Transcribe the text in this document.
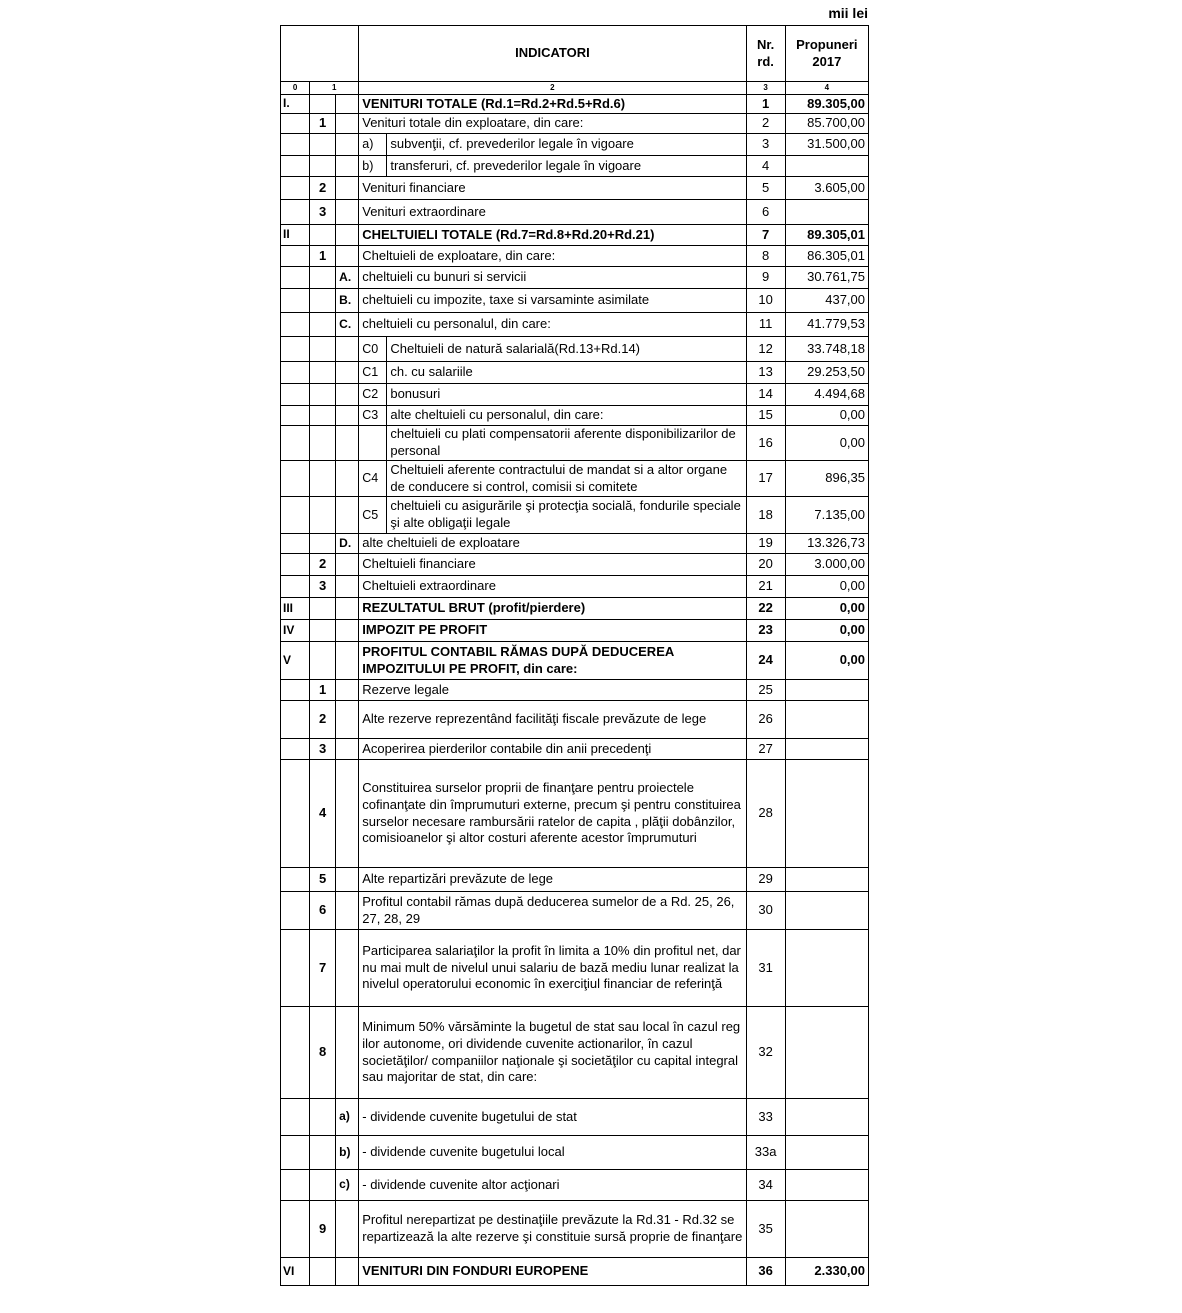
mii lei
			INDICATORI		Nr. rd.	Propuneri 2017
0	1		2		3	4
I.			VENITURI TOTALE (Rd.1=Rd.2+Rd.5+Rd.6)		1	89.305,00
	1		Venituri totale din exploatare, din care:		2	85.700,00
			a)	subvenţii, cf. prevederilor legale în vigoare	3	31.500,00
			b)	transferuri, cf. prevederilor legale în vigoare	4	
	2		Venituri financiare		5	3.605,00
	3		Venituri extraordinare		6	
II			CHELTUIELI TOTALE (Rd.7=Rd.8+Rd.20+Rd.21)		7	89.305,01
	1		Cheltuieli de exploatare, din care:		8	86.305,01
		A.	cheltuieli cu bunuri si servicii		9	30.761,75
		B.	cheltuieli cu impozite, taxe si varsaminte asimilate		10	437,00
		C.	cheltuieli cu personalul, din care:		11	41.779,53
			C0	Cheltuieli de natură salarială(Rd.13+Rd.14)	12	33.748,18
			C1	ch. cu salariile	13	29.253,50
			C2	bonusuri	14	4.494,68
			C3	alte cheltuieli cu personalul, din care:	15	0,00
				cheltuieli cu plati compensatorii aferente disponibilizarilor de personal	16	0,00
			C4	Cheltuieli aferente contractului de mandat si a altor organe de conducere si control, comisii si comitete	17	896,35
			C5	cheltuieli cu asigurările şi protecţia socială, fondurile speciale şi alte obligaţii legale	18	7.135,00
		D.	alte cheltuieli de exploatare		19	13.326,73
	2		Cheltuieli financiare		20	3.000,00
	3		Cheltuieli extraordinare		21	0,00
III			REZULTATUL BRUT (profit/pierdere)		22	0,00
IV			IMPOZIT PE PROFIT		23	0,00
V			PROFITUL CONTABIL RĂMAS DUPĂ DEDUCEREA IMPOZITULUI PE PROFIT, din care:		24	0,00
	1		Rezerve legale		25	
	2		Alte rezerve reprezentând facilităţi fiscale prevăzute de lege		26	
	3		Acoperirea pierderilor contabile din anii precedenţi		27	
	4		Constituirea surselor proprii de finanţare pentru proiectele cofinanţate din împrumuturi externe, precum şi pentru constituirea surselor necesare rambursării ratelor de capita , plăţii dobânzilor, comisioanelor şi altor costuri aferente acestor împrumuturi		28	
	5		Alte repartizări prevăzute de lege		29	
	6		Profitul contabil rămas după deducerea sumelor de a Rd. 25, 26, 27, 28, 29		30	
	7		Participarea salariaţilor la profit în limita a 10% din profitul net, dar nu mai mult de nivelul unui salariu de bază mediu lunar realizat la nivelul operatorului economic în exerciţiul financiar de referinţă		31	
	8		Minimum 50% vărsăminte la bugetul de stat sau local în cazul reg ilor autonome, ori dividende cuvenite actionarilor, în cazul societăţilor/ companiilor naţionale şi societăţilor cu capital integral sau majoritar de stat, din care:		32	
		a)	- dividende cuvenite bugetului de stat		33	
		b)	- dividende cuvenite bugetului local		33a	
		c)	- dividende cuvenite altor acţionari		34	
	9		Profitul nerepartizat pe destinaţiile prevăzute la Rd.31 - Rd.32 se repartizează la alte rezerve şi constituie sursă proprie de finanţare		35	
VI			VENITURI DIN FONDURI EUROPENE		36	2.330,00
